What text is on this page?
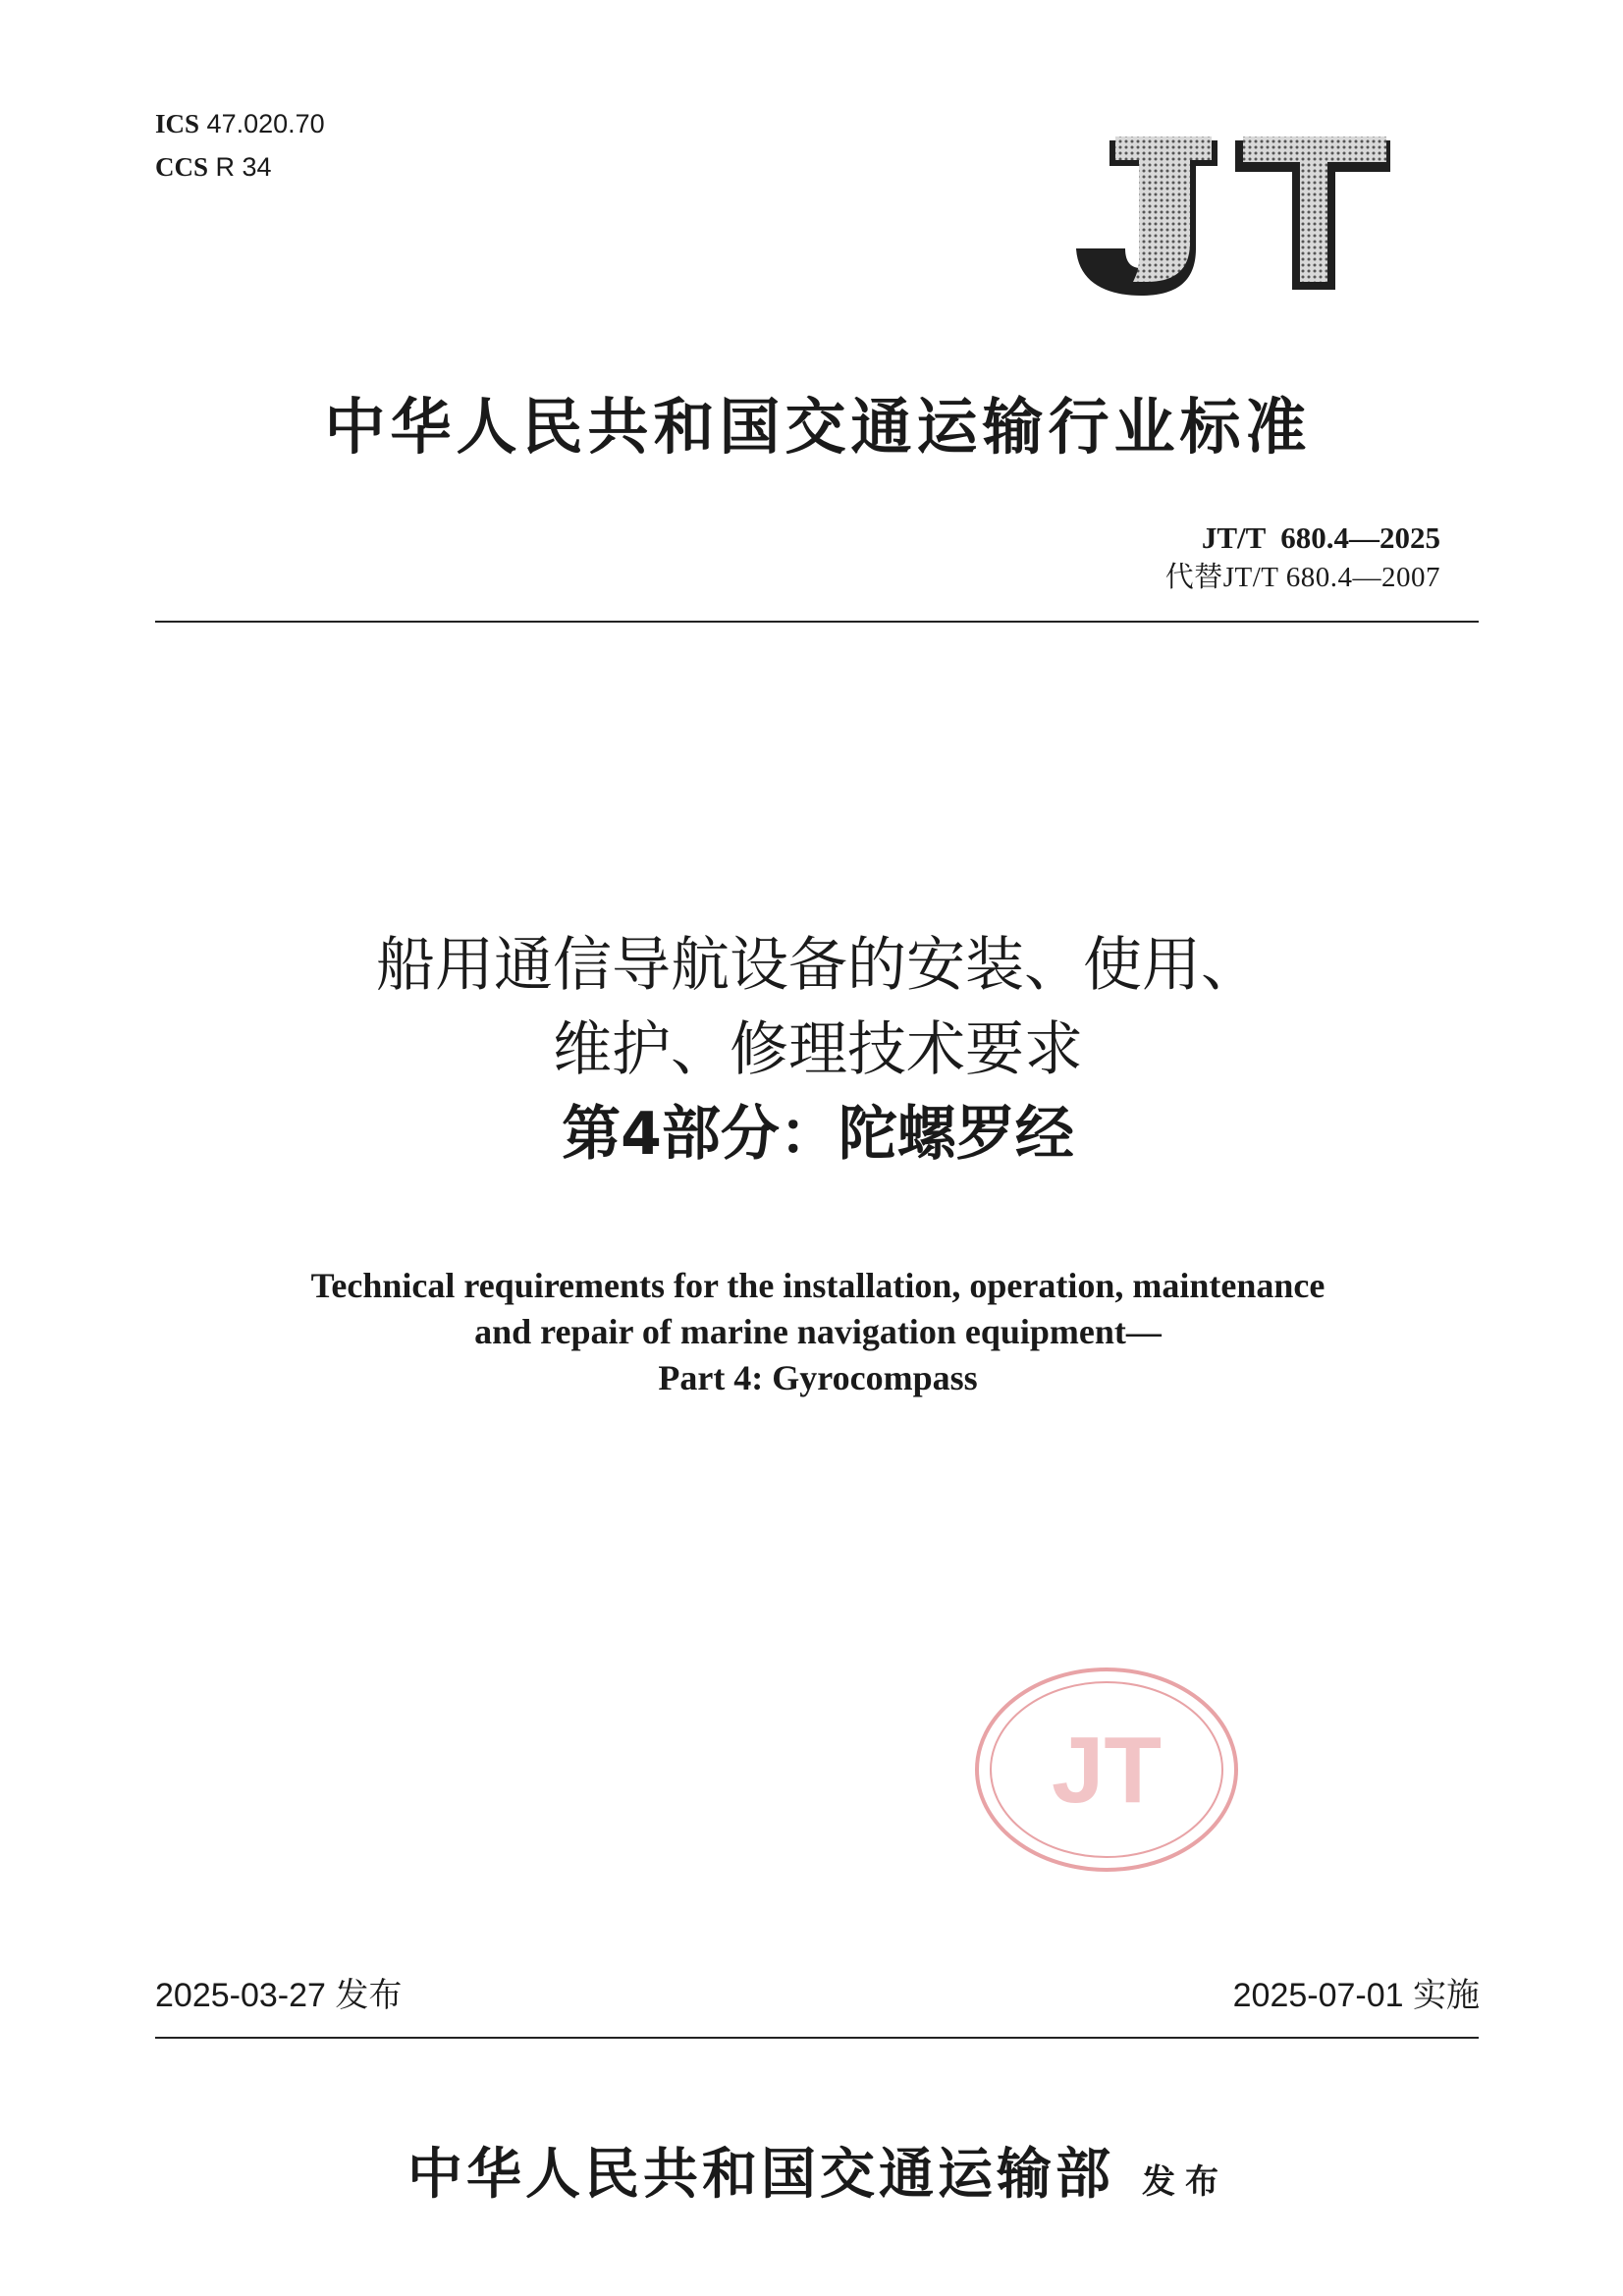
ICS 47.020.70
CCS R 34
中华人民共和国交通运输行业标准
JT/T  680.4—2025
代替JT/T 680.4—2007
船用通信导航设备的安装、使用、
维护、修理技术要求
第4部分：陀螺罗经
Technical requirements for the installation, operation, maintenance
and repair of marine navigation equipment—
Part 4: Gyrocompass
JT
2025-03-27 发布	2025-07-01 实施
中华人民共和国交通运输部 发布
